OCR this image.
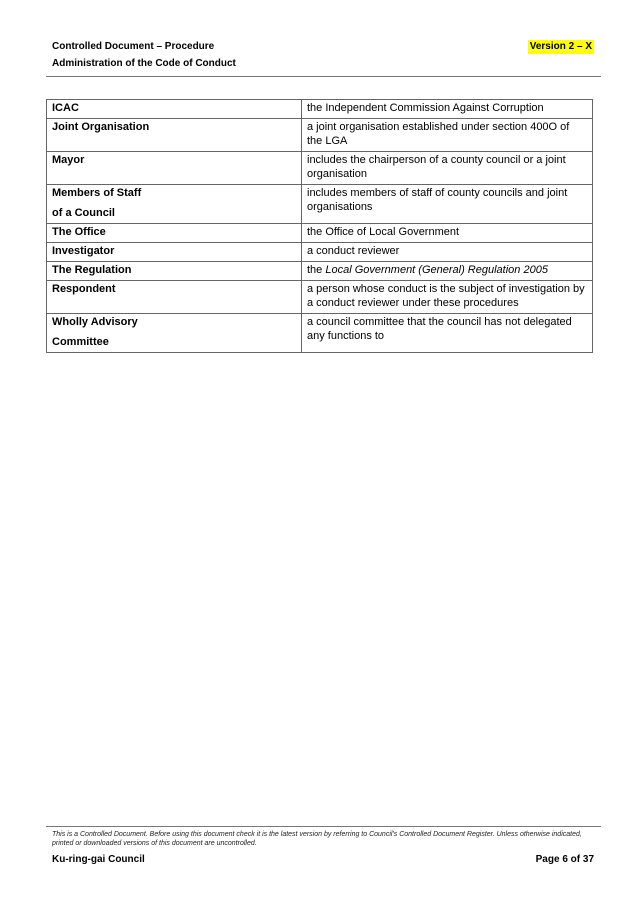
Controlled Document – Procedure
Administration of the Code of Conduct
Version 2 – X
ICAC	the Independent Commission Against Corruption

Joint Organisation	a joint organisation established under section 400O of the LGA

Mayor	includes the chairperson of a county council or a joint organisation

Members of Staff
of a Council	includes members of staff of county councils and joint organisations

The Office	the Office of Local Government

Investigator	a conduct reviewer

The Regulation	the Local Government (General) Regulation 2005

Respondent	a person whose conduct is the subject of investigation by a conduct reviewer under these procedures

Wholly Advisory
Committee	a council committee that the council has not delegated any functions to
This is a Controlled Document. Before using this document check it is the latest version by referring to Council's Controlled Document Register. Unless otherwise indicated, printed or downloaded versions of this document are uncontrolled.
Ku-ring-gai Council	Page 6 of 37
